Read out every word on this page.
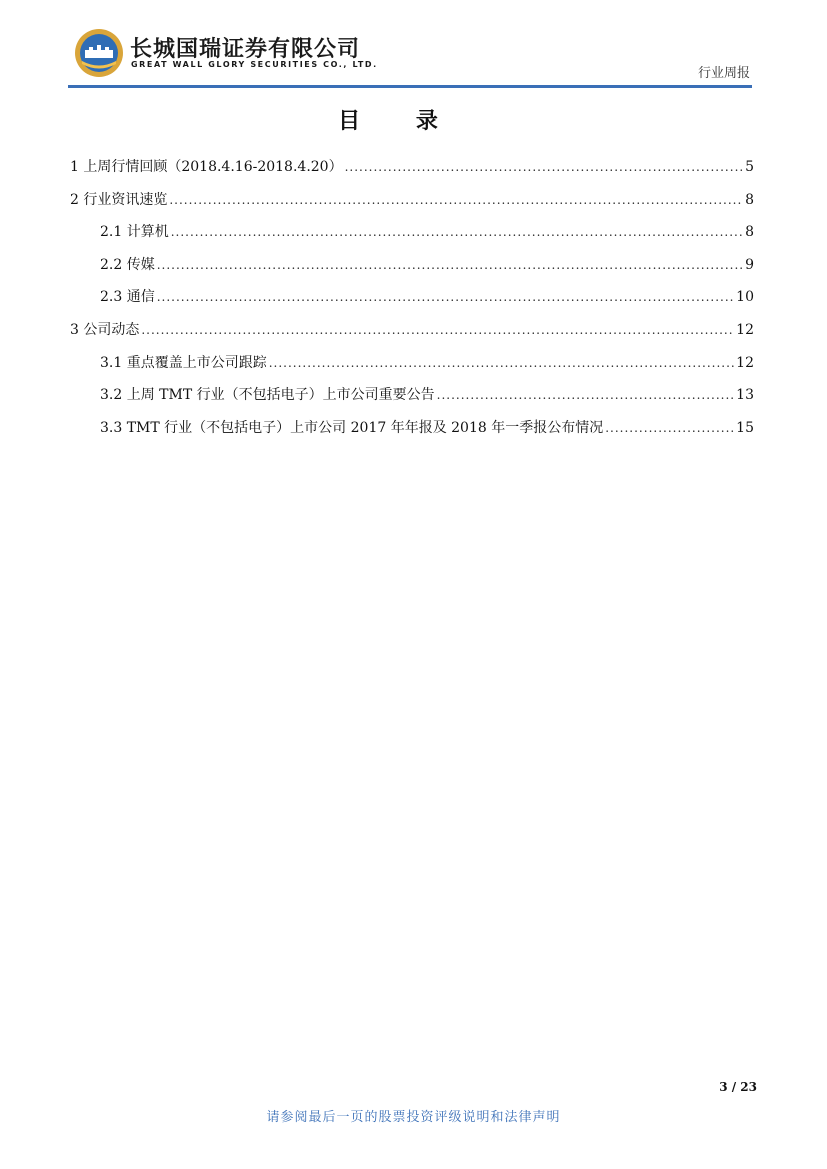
长城国瑞证券有限公司
GREAT WALL GLORY SECURITIES CO., LTD.
行业周报
目 录
1 上周行情回顾（2018.4.16-2018.4.20） .....	5
2 行业资讯速览 .....	8
2.1 计算机 .....	8
2.2 传媒 .....	9
2.3 通信 .....	10
3 公司动态 .....	12
3.1 重点覆盖上市公司跟踪 .....	12
3.2 上周 TMT 行业（不包括电子）上市公司重要公告 .....	13
3.3 TMT 行业（不包括电子）上市公司 2017 年年报及 2018 年一季报公布情况 .....	15
3 / 23
请参阅最后一页的股票投资评级说明和法律声明
